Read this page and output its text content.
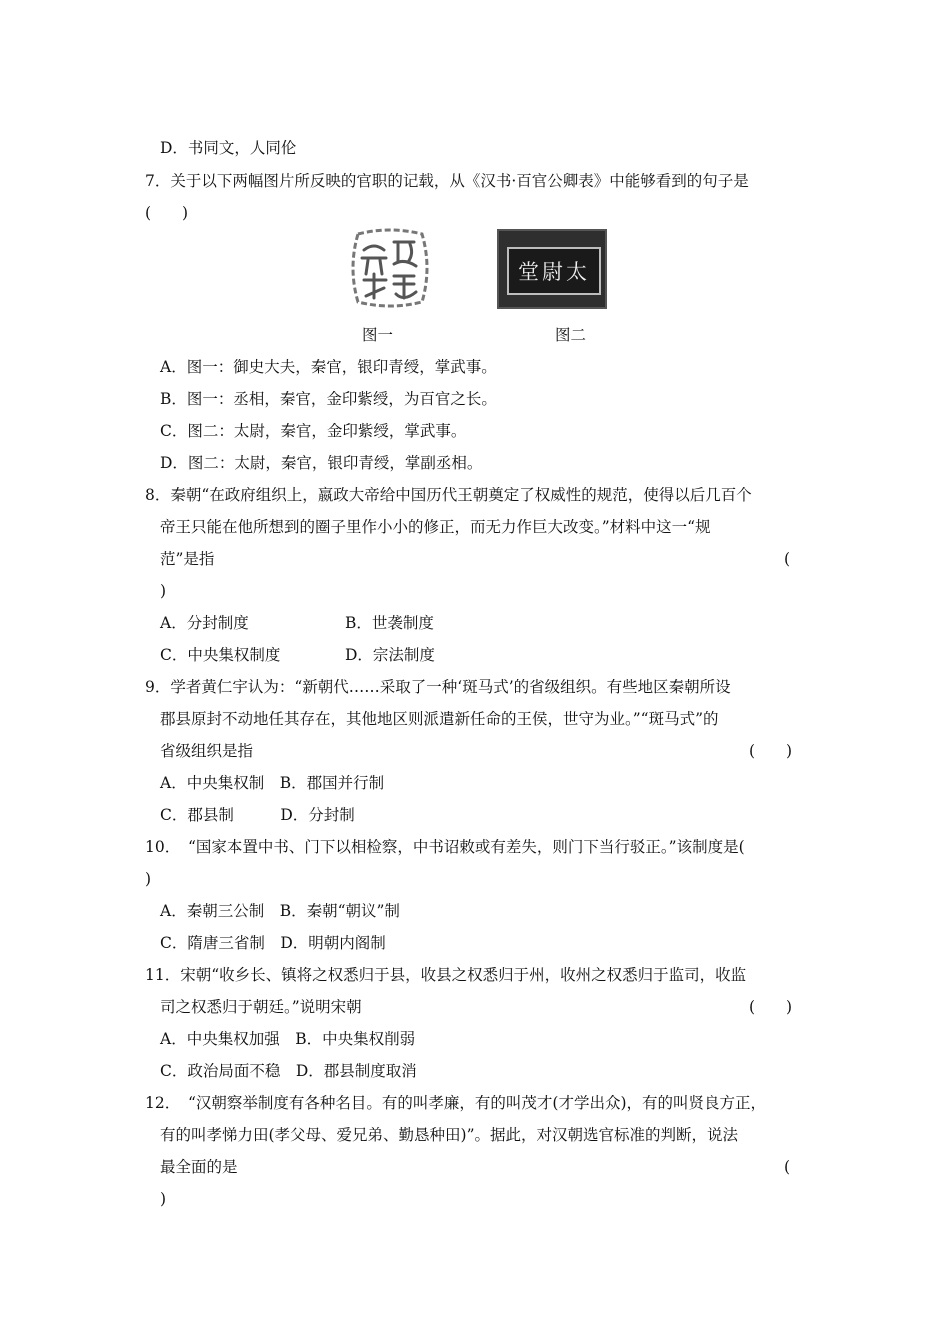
D．书同文，人同伦
7．关于以下两幅图片所反映的官职的记载，从《汉书·百官公卿表》中能够看到的句子是
(　　)
堂尉太
图一	图二
A．图一：御史大夫，秦官，银印青绶，掌武事。
B．图一：丞相，秦官，金印紫绶，为百官之长。
C．图二：太尉，秦官，金印紫绶，掌武事。
D．图二：太尉，秦官，银印青绶，掌副丞相。
8．秦朝“在政府组织上，嬴政大帝给中国历代王朝奠定了权威性的规范，使得以后几百个
帝王只能在他所想到的圈子里作小小的修正，而无力作巨大改变。”材料中这一“规
范”是指	(
)
A．分封制度	B．世袭制度
C．中央集权制度	D．宗法制度
9．学者黄仁宇认为：“新朝代……采取了一种‘斑马式’的省级组织。有些地区秦朝所设
郡县原封不动地任其存在，其他地区则派遣新任命的王侯，世守为业。”“斑马式”的
省级组织是指	(　　)
A．中央集权制　B．郡国并行制
C．郡县制　　　D．分封制
10．　“国家本置中书、门下以相检察，中书诏敕或有差失，则门下当行驳正。”该制度是(
)
A．秦朝三公制　B．秦朝“朝议”制
C．隋唐三省制　D．明朝内阁制
11．宋朝“收乡长、镇将之权悉归于县，收县之权悉归于州，收州之权悉归于监司，收监
司之权悉归于朝廷。”说明宋朝	(　　)
A．中央集权加强　B．中央集权削弱
C．政治局面不稳　D．郡县制度取消
12．　“汉朝察举制度有各种名目。有的叫孝廉，有的叫茂才(才学出众)，有的叫贤良方正，
有的叫孝悌力田(孝父母、爱兄弟、勤恳种田)”。据此，对汉朝选官标准的判断，说法
最全面的是	(
)
